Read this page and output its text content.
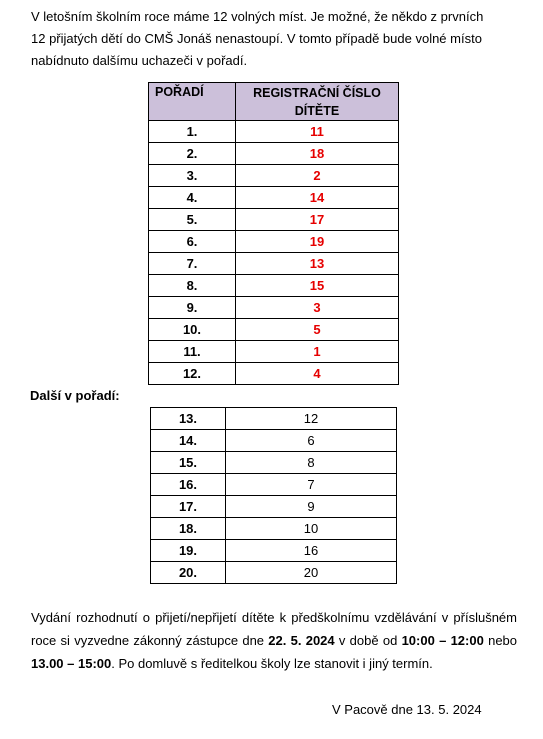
V letošním školním roce máme 12 volných míst. Je možné, že někdo z prvních
12 přijatých dětí do CMŠ Jonáš nenastoupí. V tomto případě bude volné místo
nabídnuto dalšímu uchazeči v pořadí.
POŘADÍ	REGISTRAČNÍ ČÍSLO DÍTĚTE
1.	11
2.	18
3.	2
4.	14
5.	17
6.	19
7.	13
8.	15
9.	3
10.	5
11.	1
12.	4
Další v pořadí:
13.	12
14.	6
15.	8
16.	7
17.	9
18.	10
19.	16
20.	20
Vydání rozhodnutí o přijetí/nepřijetí dítěte k předškolnímu vzdělávání v příslušném roce si vyzvedne zákonný zástupce dne 22. 5. 2024 v době od 10:00 – 12:00 nebo 13.00 – 15:00. Po domluvě s ředitelkou školy lze stanovit i jiný termín.
V Pacově dne 13. 5. 2024
